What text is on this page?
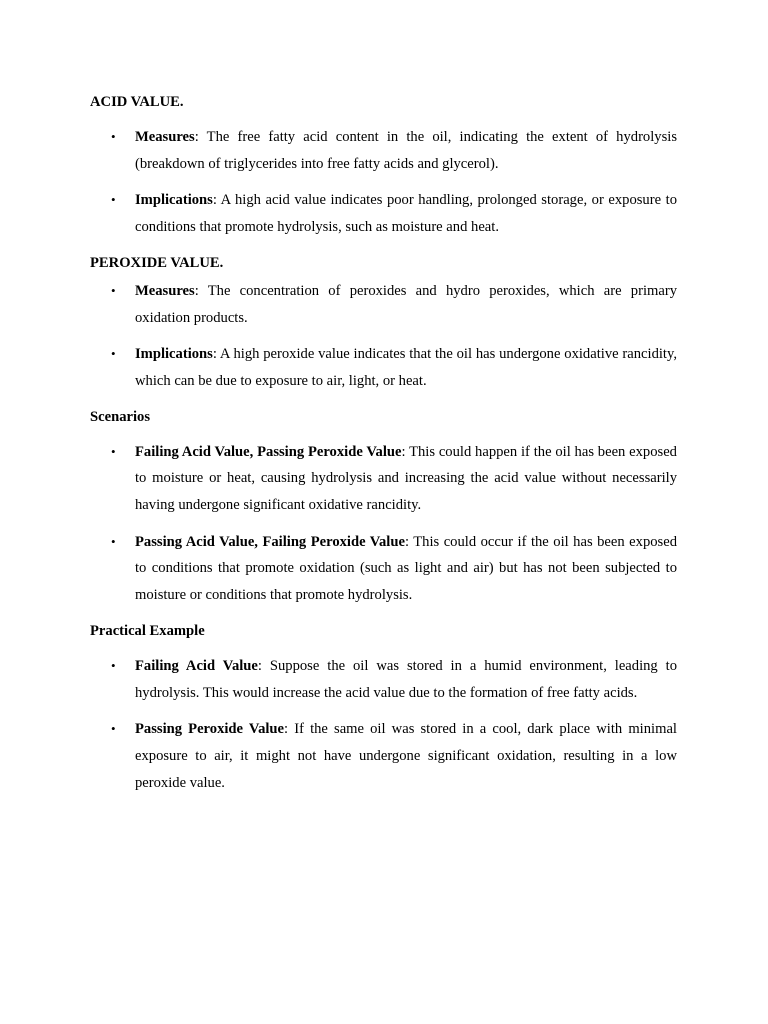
ACID VALUE.

• Measures: The free fatty acid content in the oil, indicating the extent of hydrolysis (breakdown of triglycerides into free fatty acids and glycerol).
• Implications: A high acid value indicates poor handling, prolonged storage, or exposure to conditions that promote hydrolysis, such as moisture and heat.

PEROXIDE VALUE.

• Measures: The concentration of peroxides and hydro peroxides, which are primary oxidation products.
• Implications: A high peroxide value indicates that the oil has undergone oxidative rancidity, which can be due to exposure to air, light, or heat.

Scenarios

• Failing Acid Value, Passing Peroxide Value: This could happen if the oil has been exposed to moisture or heat, causing hydrolysis and increasing the acid value without necessarily having undergone significant oxidative rancidity.
• Passing Acid Value, Failing Peroxide Value: This could occur if the oil has been exposed to conditions that promote oxidation (such as light and air) but has not been subjected to moisture or conditions that promote hydrolysis.

Practical Example

• Failing Acid Value: Suppose the oil was stored in a humid environment, leading to hydrolysis. This would increase the acid value due to the formation of free fatty acids.
• Passing Peroxide Value: If the same oil was stored in a cool, dark place with minimal exposure to air, it might not have undergone significant oxidation, resulting in a low peroxide value.
